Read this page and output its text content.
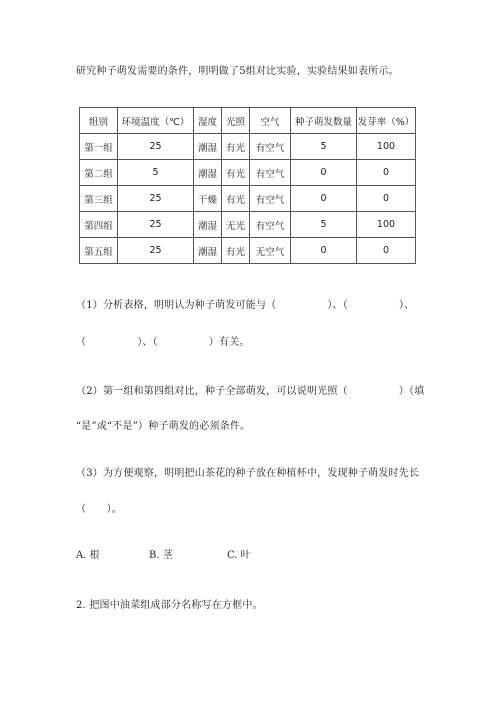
研究种子萌发需要的条件，明明做了5组对比实验，实验结果如表所示。
组别	环境温度（℃）	湿度	光照	空气	种子萌发数量	发芽率（%）
第一组	25	潮湿	有光	有空气	5	100
第二组	5	潮湿	有光	有空气	0	0
第三组	25	干燥	有光	有空气	0	0
第四组	25	潮湿	无光	有空气	5	100
第五组	25	潮湿	有光	无空气	0	0
（1）分析表格，明明认为种子萌发可能与（　　　　　）、（　　　　　）、
（　　　　　）、（　　　　　）有关。
（2）第一组和第四组对比，种子全部萌发，可以说明光照（　　　　　）（填
“是”或“不是”）种子萌发的必须条件。
（3）为方便观察，明明把山茶花的种子放在种植杯中，发现种子萌发时先长
（　　）。
A. 根	B. 茎	C. 叶
2. 把图中油菜组成部分名称写在方框中。
